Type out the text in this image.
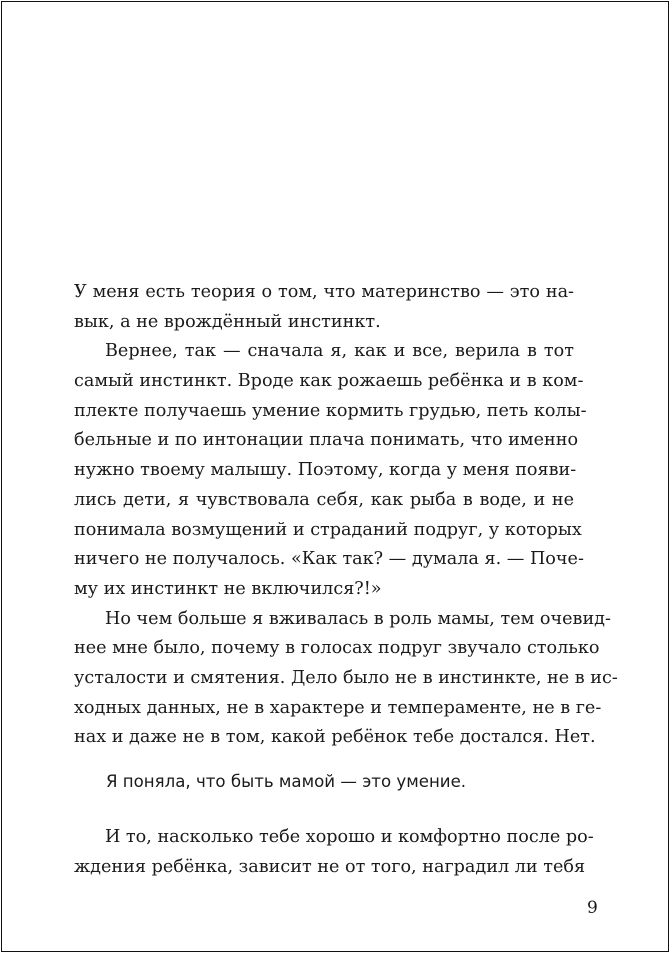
У меня есть теория о том, что материнство — это на-
вык, а не врождённый инстинкт.
Вернее, так — сначала я, как и все, верила в тот
самый инстинкт. Вроде как рожаешь ребёнка и в ком-
плекте получаешь умение кормить грудью, петь колы-
бельные и по интонации плача понимать, что именно
нужно твоему малышу. Поэтому, когда у меня появи-
лись дети, я чувствовала себя, как рыба в воде, и не
понимала возмущений и страданий подруг, у которых
ничего не получалось. «Как так? — думала я. — Поче-
му их инстинкт не включился?!»
Но чем больше я вживалась в роль мамы, тем очевид-
нее мне было, почему в голосах подруг звучало столько
усталости и смятения. Дело было не в инстинкте, не в ис-
ходных данных, не в характере и темпераменте, не в ге-
нах и даже не в том, какой ребёнок тебе достался. Нет.
Я поняла, что быть мамой — это умение.
И то, насколько тебе хорошо и комфортно после ро-
ждения ребёнка, зависит не от того, наградил ли тебя
9
